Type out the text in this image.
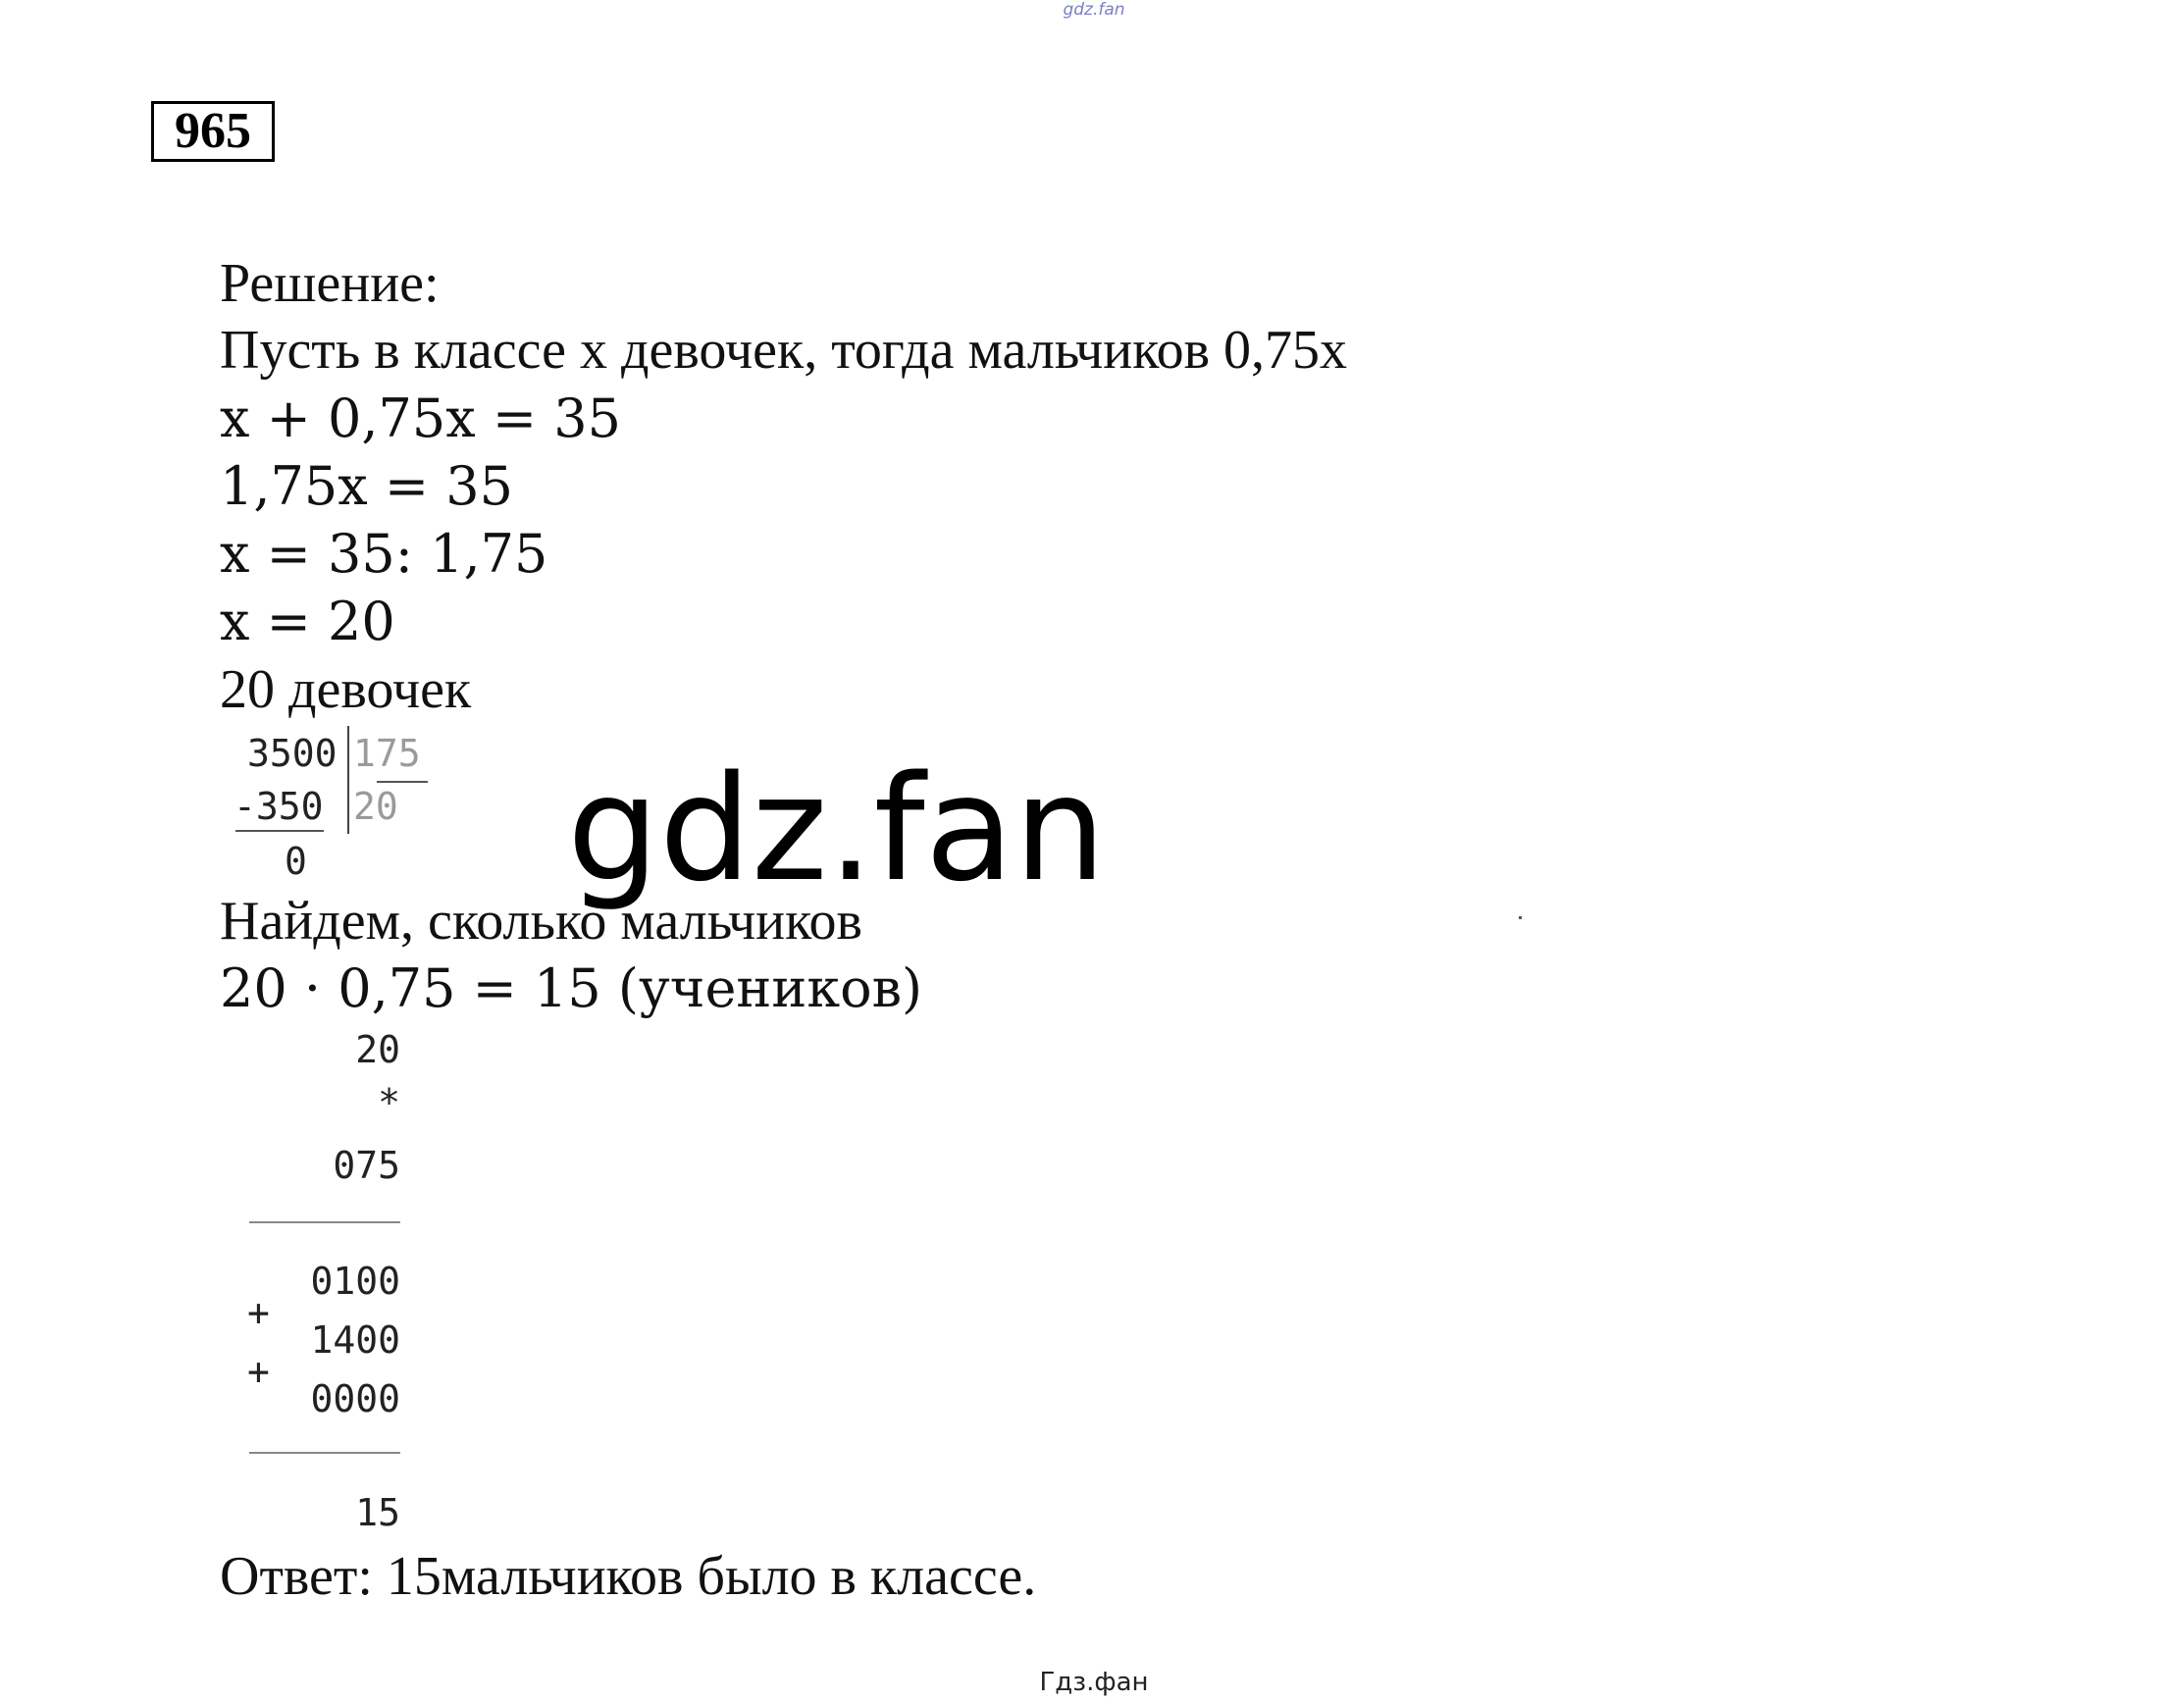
gdz.fan
965
Решение:
Пусть в классе x девочек, тогда мальчиков 0,75x
x + 0,75x = 35
1,75x = 35
x = 35: 1,75
x = 20
20 девочек
3500 175
-350 20
0
Найдем, сколько мальчиков
20 · 0,75 = 15 (учеников)
20
*
075
0100
+
1400
+
0000
15
Ответ: 15мальчиков было в классе.
gdz.fan
Гдз.фан
